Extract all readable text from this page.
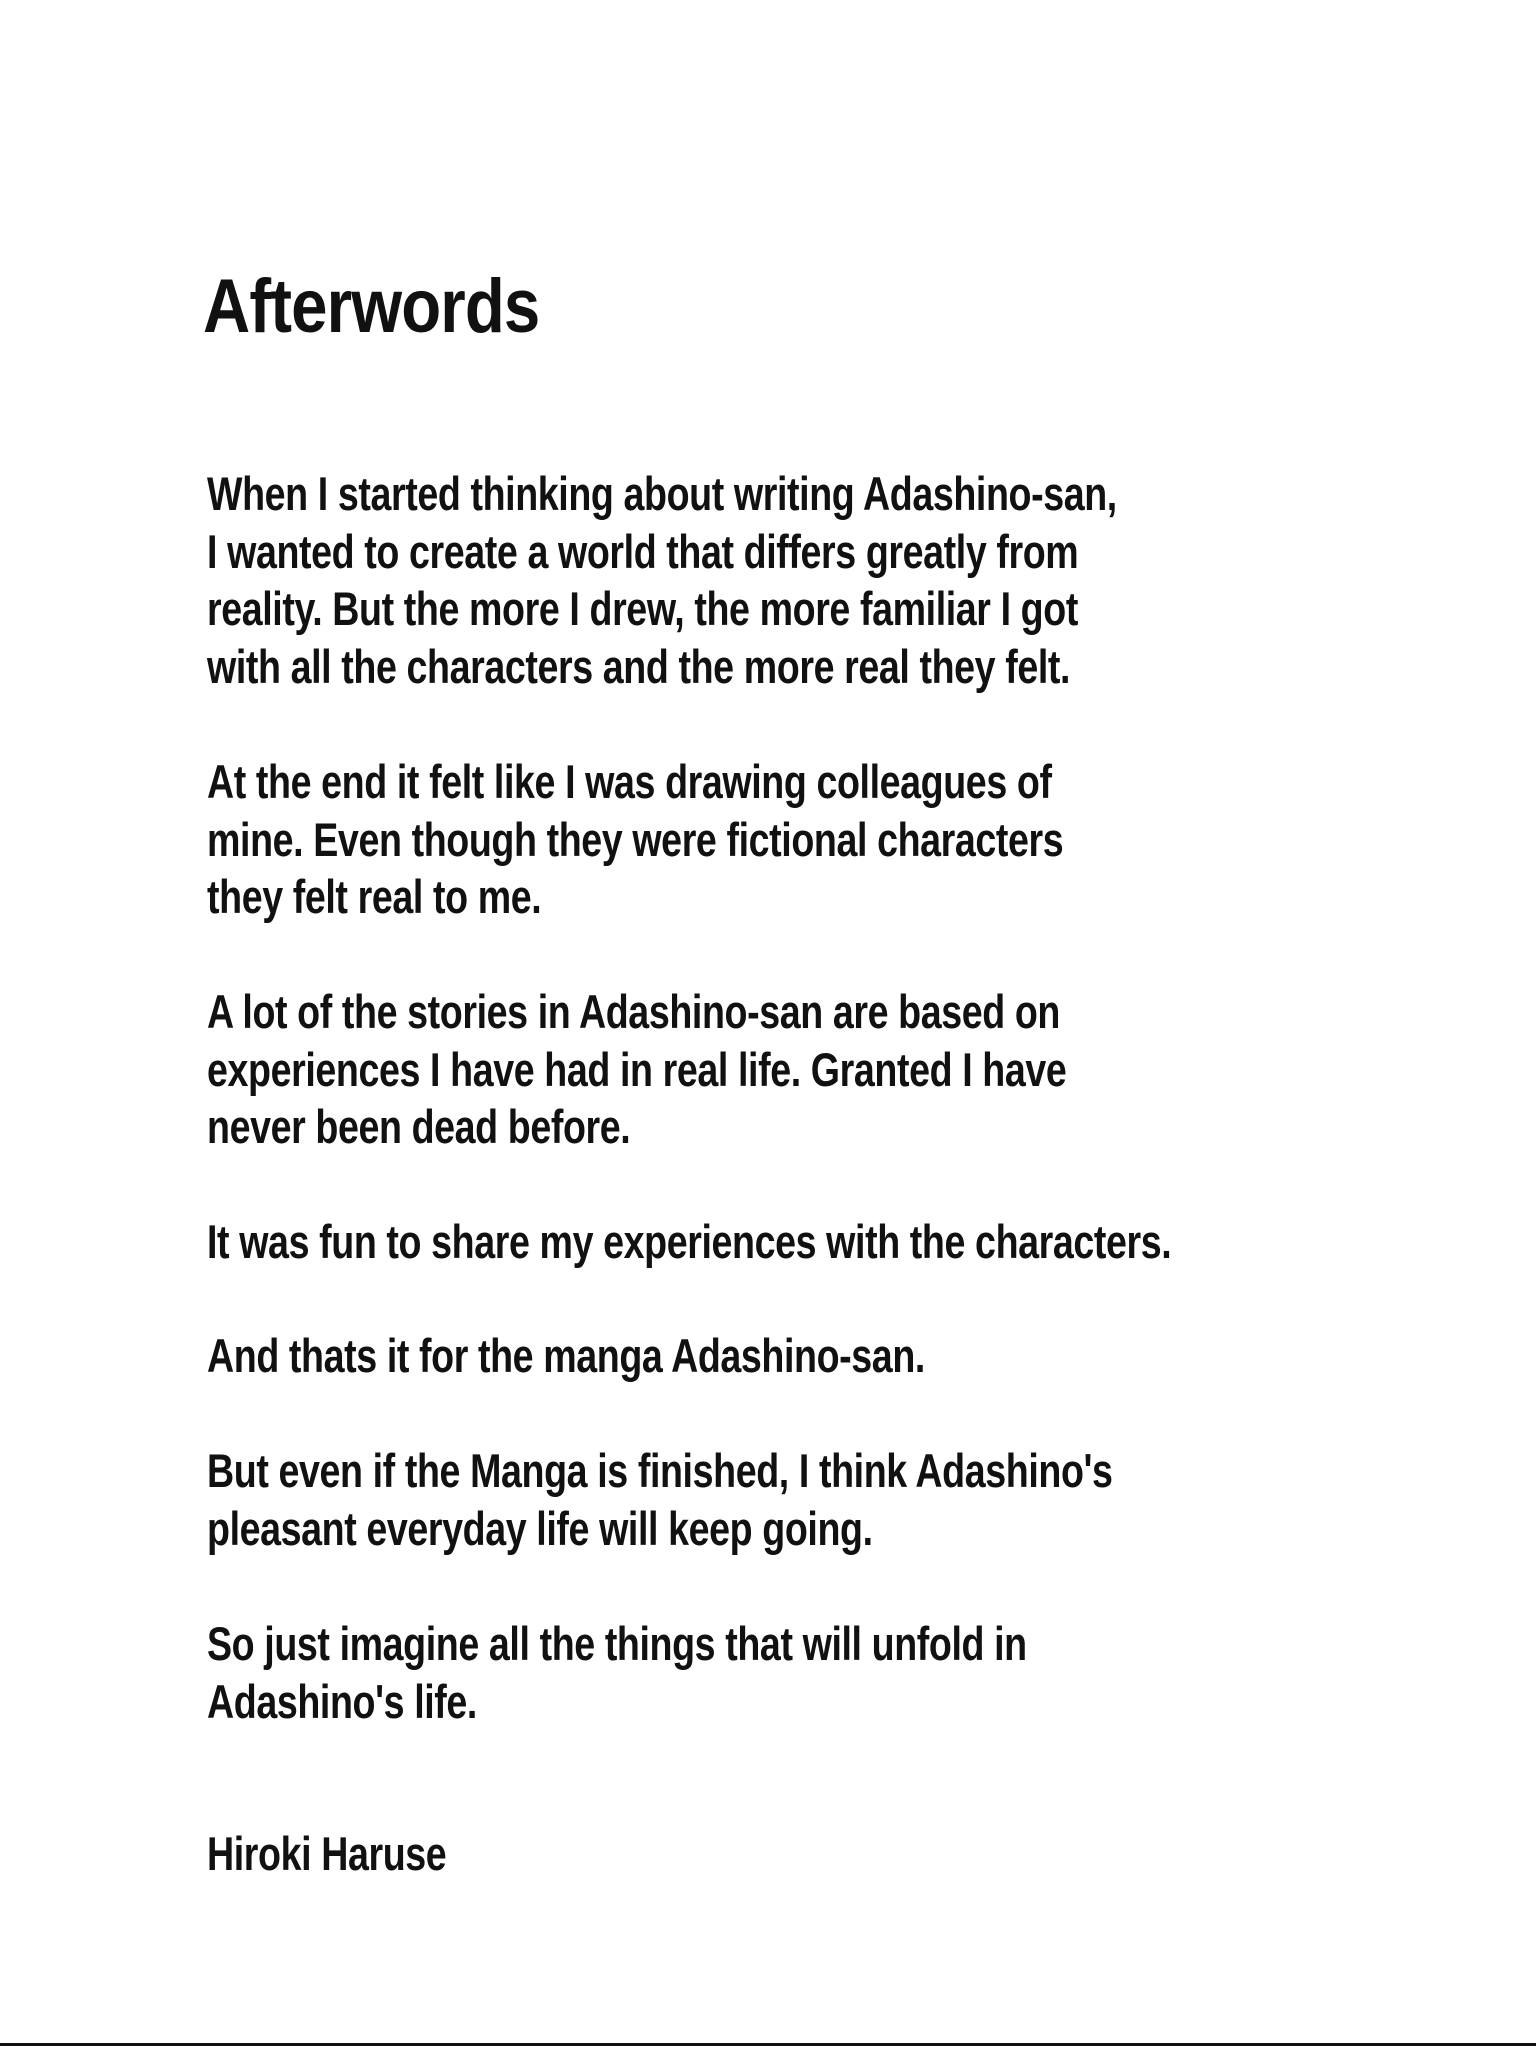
Afterwords

When I started thinking about writing Adashino-san,
I wanted to create a world that differs greatly from
reality. But the more I drew, the more familiar I got
with all the characters and the more real they felt.

At the end it felt like I was drawing colleagues of
mine. Even though they were fictional characters
they felt real to me.

A lot of the stories in Adashino-san are based on
experiences I have had in real life. Granted I have
never been dead before.

It was fun to share my experiences with the characters.

And thats it for the manga Adashino-san.

But even if the Manga is finished, I think Adashino's
pleasant everyday life will keep going.

So just imagine all the things that will unfold in
Adashino's life.

Hiroki Haruse
